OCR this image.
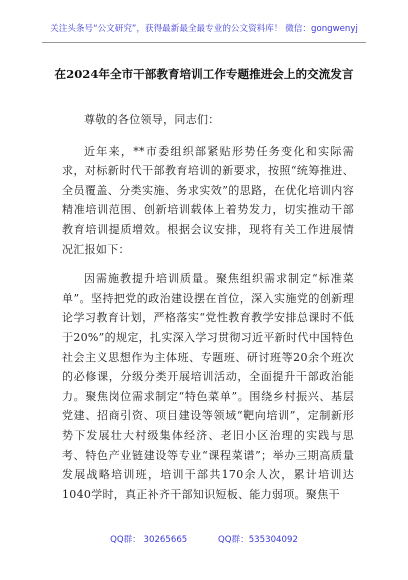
关注头条号“公文研究”，获得最新最全最专业的公文资料库！ 微信：gongwenyj
在2024年全市干部教育培训工作专题推进会上的交流发言

尊敬的各位领导，同志们：

近年来，**市委组织部紧贴形势任务变化和实际需求，对标新时代干部教育培训的新要求，按照“统筹推进、全员覆盖、分类实施、务求实效”的思路，在优化培训内容精准培训范围、创新培训载体上着势发力，切实推动干部教育培训提质增效。根据会议安排，现将有关工作进展情况汇报如下：

因需施教提升培训质量。聚焦组织需求制定“标准菜单”。坚持把党的政治建设摆在首位，深入实施党的创新理论学习教育计划，严格落实“党性教育教学安排总课时不低于20%”的规定，扎实深入学习贯彻习近平新时代中国特色社会主义思想作为主体班、专题班、研讨班等20余个班次的必修课，分级分类开展培训活动，全面提升干部政治能力。聚焦岗位需求制定“特色菜单”。围绕乡村振兴、基层党建、招商引资、项目建设等领域“靶向培训”，定制新形势下发展壮大村级集体经济、老旧小区治理的实践与思考、特色产业链建设等专业“课程菜谱”；举办三期高质量发展战略培训班，培训干部共170余人次，累计培训达1040学时，真正补齐干部知识短板、能力弱项。聚焦干

QQ群： 30265665	QQ群：535304092
